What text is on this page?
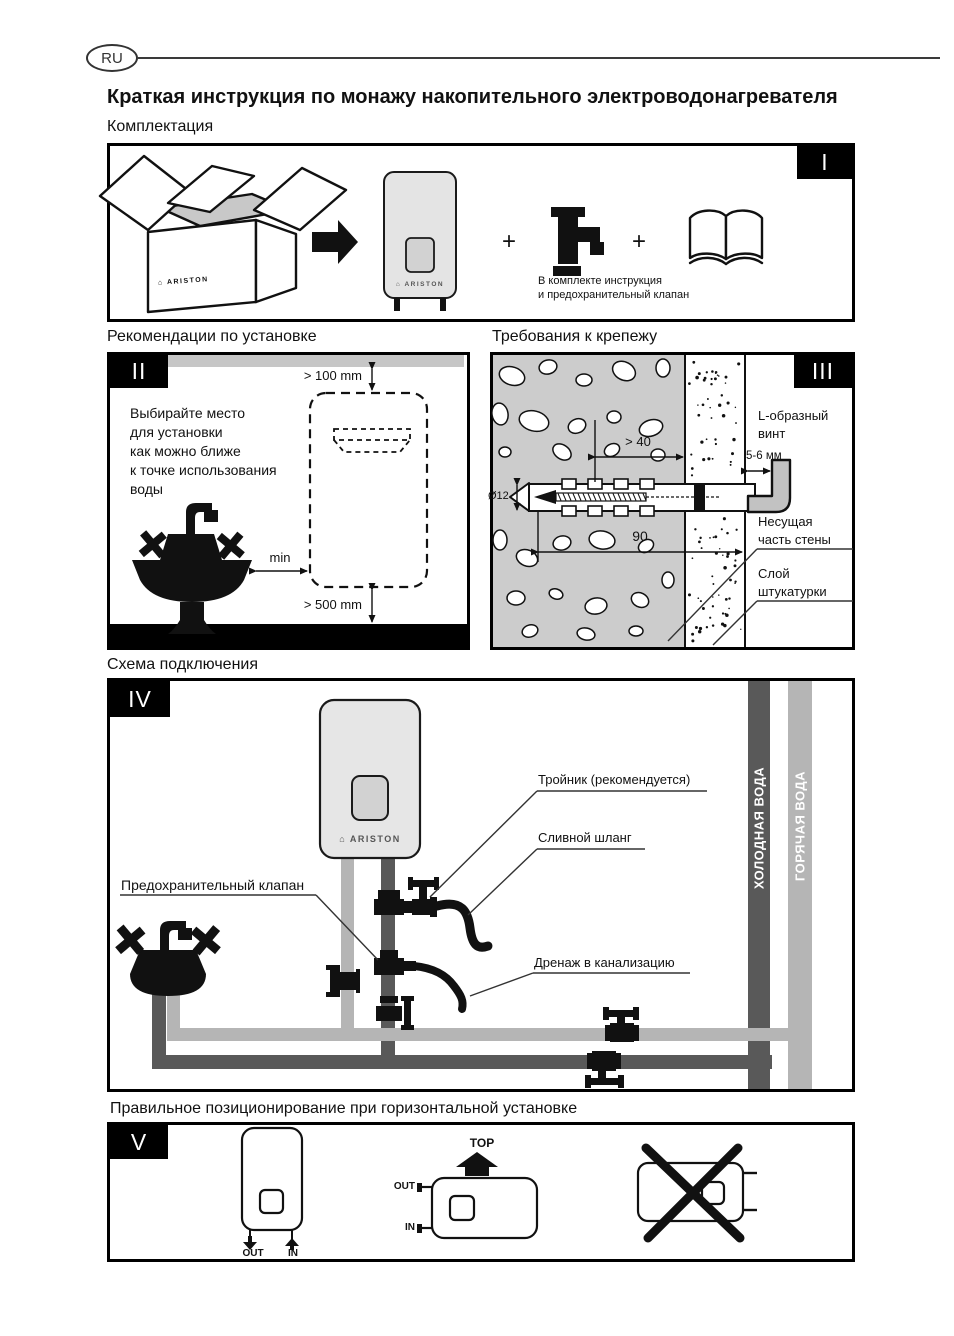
RU
Краткая инструкция по монажу накопительного электроводонагревателя
Комплектация
Рекомендации по установке	Требования к крепежу
Схема подключения
Правильное позиционирование при горизонтальной установке
I
II	III
IV
V
⌂ ARISTON	⌂ ARISTON
+	+
В комплекте инструкция
и предохранительный клапан
Выбирайте место
для установки
как можно ближе
к точке использования
воды
> 100 mm
min
> 500 mm
L-образный
винт
5-6 мм
> 40
Ø12
90
Несущая
часть стены
Слой
штукатурки
⌂ ARISTON
Тройник (рекомендуется)
Сливной шланг
Предохранительный клапан
Дренаж в канализацию
ХОЛОДНАЯ ВОДА ГОРЯЧАЯ ВОДА
OUT	IN
TOP
OUT
IN
